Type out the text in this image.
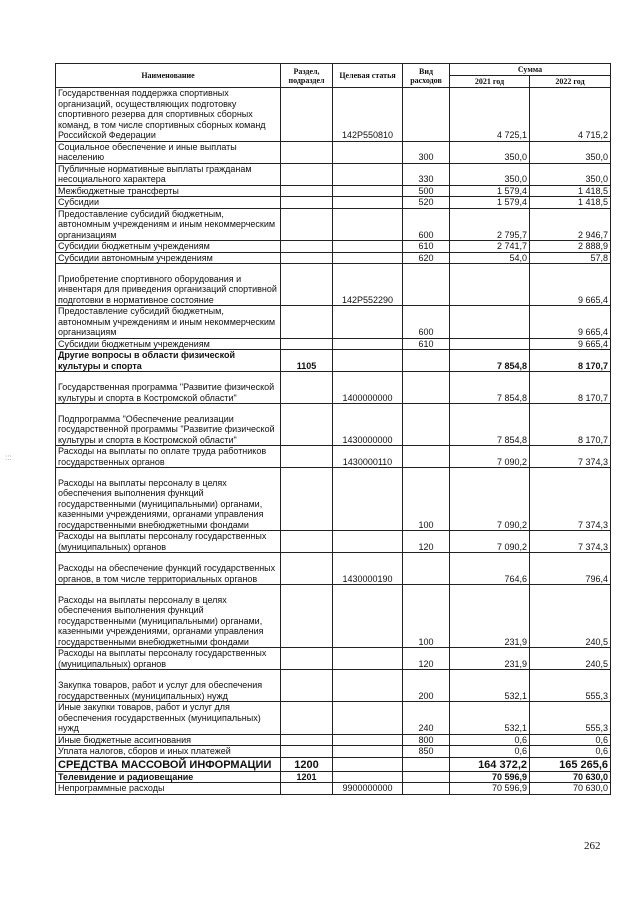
Наименование	Раздел, подраздел	Целевая статья	Вид расходов	Сумма	
				2021 год	2022 год
Государственная поддержка спортивных организаций, осуществляющих подготовку спортивного резерва для спортивных сборных команд, в том числе спортивных сборных команд Российской Федерации		142Р550810		4 725,1	4 715,2
Социальное обеспечение и иные выплаты населению			300	350,0	350,0
Публичные нормативные выплаты гражданам несоциального характера			330	350,0	350,0
Межбюджетные трансферты			500	1 579,4	1 418,5
Субсидии			520	1 579,4	1 418,5
Предоставление субсидий бюджетным, автономным учреждениям и иным некоммерческим организациям			600	2 795,7	2 946,7
Субсидии бюджетным учреждениям			610	2 741,7	2 888,9
Субсидии автономным учреждениям			620	54,0	57,8
Приобретение спортивного оборудования и инвентаря для приведения организаций спортивной подготовки в нормативное состояние		142Р552290			9 665,4
Предоставление субсидий бюджетным, автономным учреждениям и иным некоммерческим организациям			600		9 665,4
Субсидии бюджетным учреждениям			610		9 665,4
Другие вопросы в области физической культуры и спорта	1105			7 854,8	8 170,7
Государственная программа "Развитие физической культуры и спорта в Костромской области"		1400000000		7 854,8	8 170,7
Подпрограмма "Обеспечение реализации государственной программы "Развитие физической культуры и спорта в Костромской области"		1430000000		7 854,8	8 170,7
Расходы на выплаты по оплате труда работников государственных органов		1430000110		7 090,2	7 374,3
Расходы на выплаты персоналу в целях обеспечения выполнения функций государственными (муниципальными) органами, казенными учреждениями, органами управления государственными внебюджетными фондами			100	7 090,2	7 374,3
Расходы на выплаты персоналу государственных (муниципальных) органов			120	7 090,2	7 374,3
Расходы на обеспечение функций государственных органов, в том числе территориальных органов		1430000190		764,6	796,4
Расходы на выплаты персоналу в целях обеспечения выполнения функций государственными (муниципальными) органами, казенными учреждениями, органами управления государственными внебюджетными фондами			100	231,9	240,5
Расходы на выплаты персоналу государственных (муниципальных) органов			120	231,9	240,5
Закупка товаров, работ и услуг для обеспечения государственных (муниципальных) нужд			200	532,1	555,3
Иные закупки товаров, работ и услуг для обеспечения государственных (муниципальных) нужд			240	532,1	555,3
Иные бюджетные ассигнования			800	0,6	0,6
Уплата налогов, сборов и иных платежей			850	0,6	0,6
СРЕДСТВА МАССОВОЙ ИНФОРМАЦИИ	1200			164 372,2	165 265,6
Телевидение и радиовещание	1201			70 596,9	70 630,0
Непрограммные расходы		9900000000		70 596,9	70 630,0
:::
262
